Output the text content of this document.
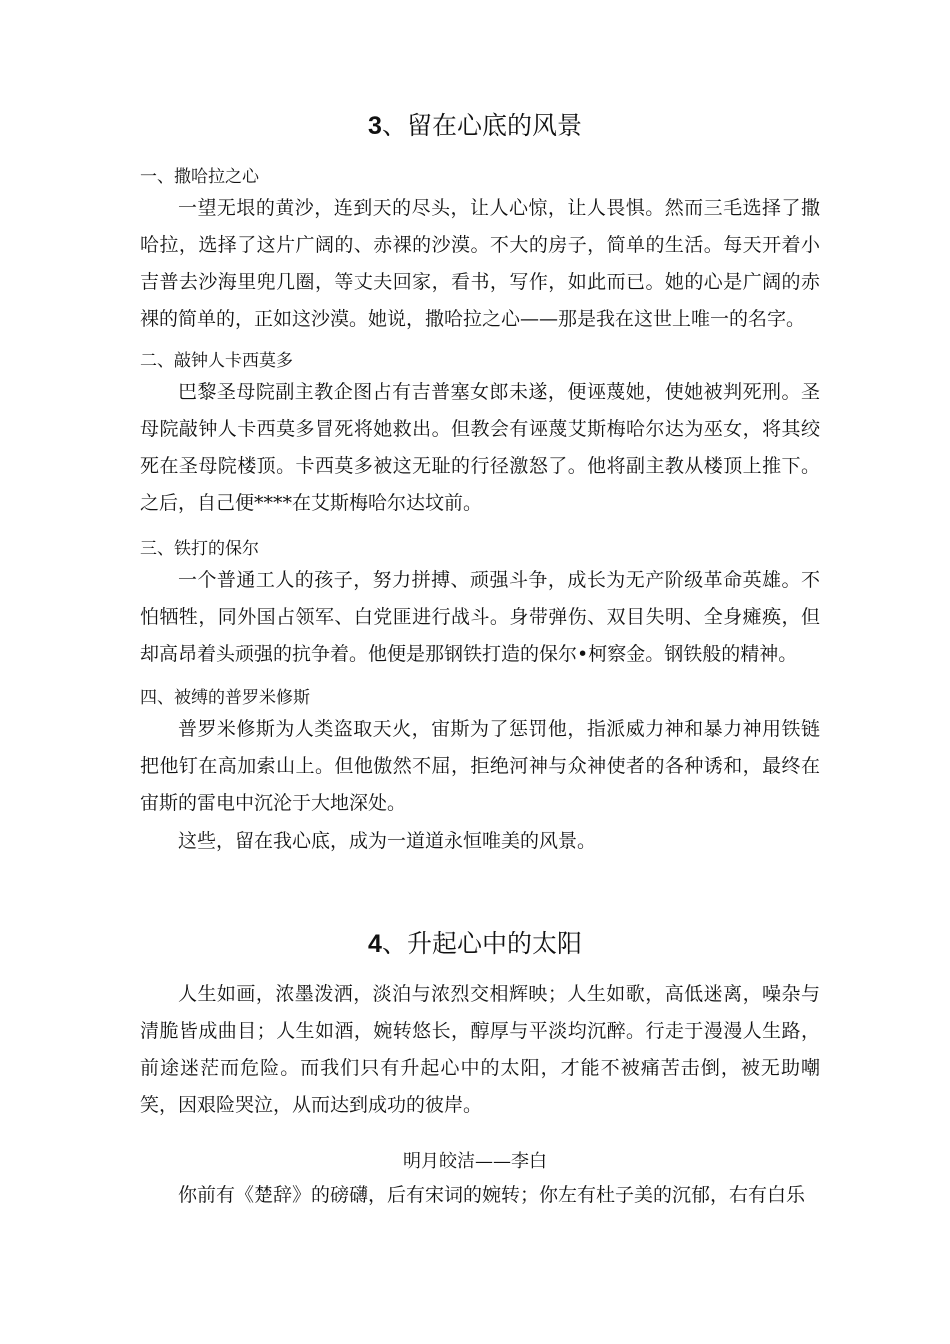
3、留在心底的风景

一、撒哈拉之心

一望无垠的黄沙，连到天的尽头，让人心惊，让人畏惧。然而三毛选择了撒哈拉，选择了这片广阔的、赤裸的沙漠。不大的房子，简单的生活。每天开着小吉普去沙海里兜几圈，等丈夫回家，看书，写作，如此而已。她的心是广阔的赤裸的简单的，正如这沙漠。她说，撒哈拉之心——那是我在这世上唯一的名字。

二、敲钟人卡西莫多

巴黎圣母院副主教企图占有吉普塞女郎未遂，便诬蔑她，使她被判死刑。圣母院敲钟人卡西莫多冒死将她救出。但教会有诬蔑艾斯梅哈尔达为巫女，将其绞死在圣母院楼顶。卡西莫多被这无耻的行径激怒了。他将副主教从楼顶上推下。之后，自己便****在艾斯梅哈尔达坟前。

三、铁打的保尔

一个普通工人的孩子，努力拼搏、顽强斗争，成长为无产阶级革命英雄。不怕牺牲，同外国占领军、白党匪进行战斗。身带弹伤、双目失明、全身瘫痪，但却高昂着头顽强的抗争着。他便是那钢铁打造的保尔•柯察金。钢铁般的精神。

四、被缚的普罗米修斯

普罗米修斯为人类盗取天火，宙斯为了惩罚他，指派威力神和暴力神用铁链把他钉在高加索山上。但他傲然不屈，拒绝河神与众神使者的各种诱和，最终在宙斯的雷电中沉沦于大地深处。

这些，留在我心底，成为一道道永恒唯美的风景。

4、升起心中的太阳

人生如画，浓墨泼洒，淡泊与浓烈交相辉映；人生如歌，高低迷离，噪杂与清脆皆成曲目；人生如酒，婉转悠长，醇厚与平淡均沉醉。行走于漫漫人生路，前途迷茫而危险。而我们只有升起心中的太阳，才能不被痛苦击倒，被无助嘲笑，因艰险哭泣，从而达到成功的彼岸。

明月皎洁——李白

你前有《楚辞》的磅礴，后有宋词的婉转；你左有杜子美的沉郁，右有白乐
